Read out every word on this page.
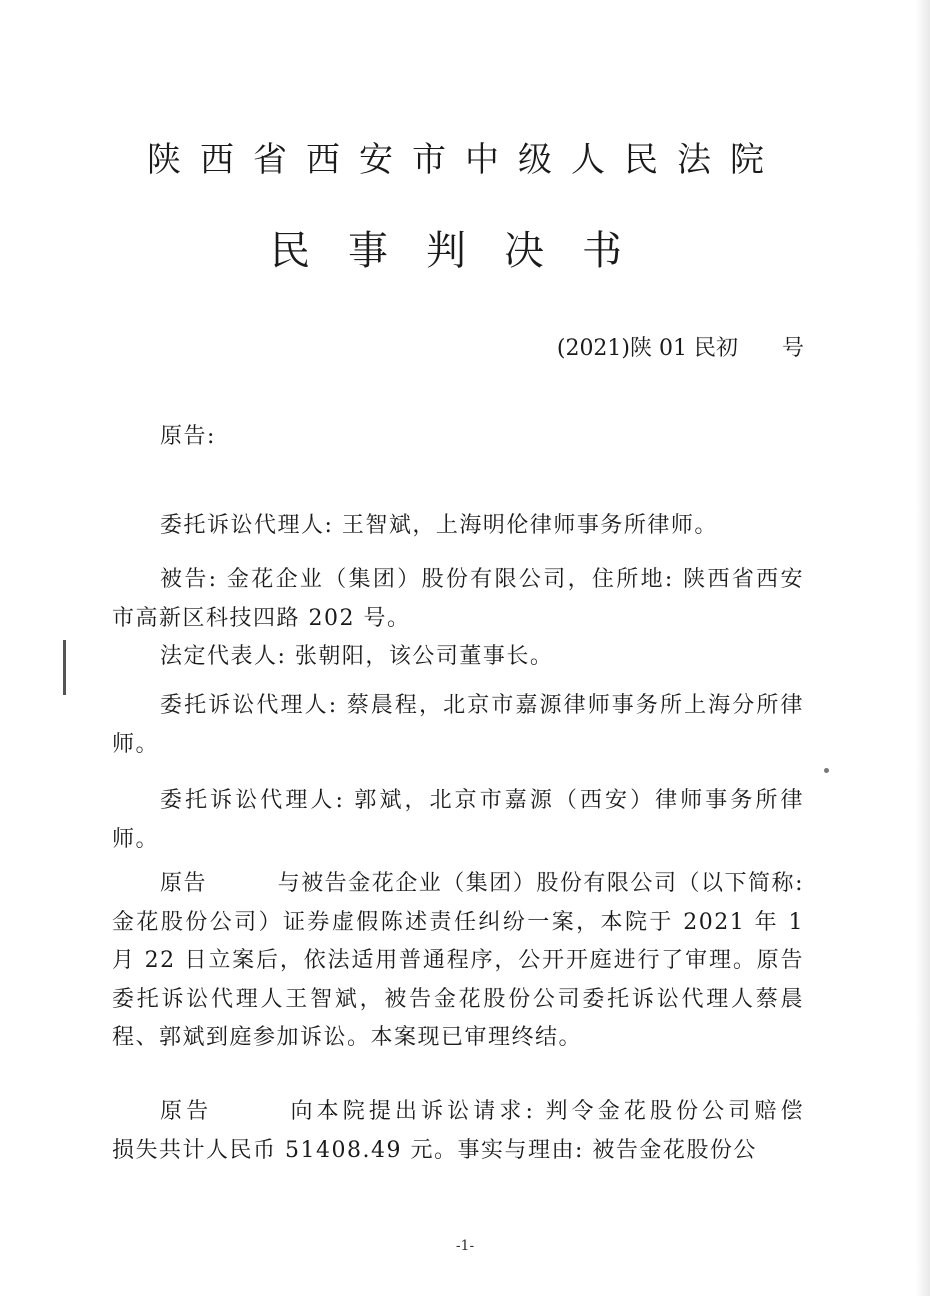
陕西省西安市中级人民法院
民事判决书
(2021)陕 01 民初　　号

原告:

委托诉讼代理人: 王智斌，上海明伦律师事务所律师。

被告: 金花企业（集团）股份有限公司，住所地: 陕西省西安市高新区科技四路 202 号。

法定代表人: 张朝阳，该公司董事长。

委托诉讼代理人: 蔡晨程，北京市嘉源律师事务所上海分所律师。

委托诉讼代理人: 郭斌，北京市嘉源（西安）律师事务所律师。

原告　　　与被告金花企业（集团）股份有限公司（以下简称: 金花股份公司）证券虚假陈述责任纠纷一案，本院于 2021 年 1 月 22 日立案后，依法适用普通程序，公开开庭进行了审理。原告　　　委托诉讼代理人王智斌，被告金花股份公司委托诉讼代理人蔡晨程、郭斌到庭参加诉讼。本案现已审理终结。

原告　　　向本院提出诉讼请求: 判令金花股份公司赔偿　　　损失共计人民币 51408.49 元。事实与理由: 被告金花股份公

-1-
